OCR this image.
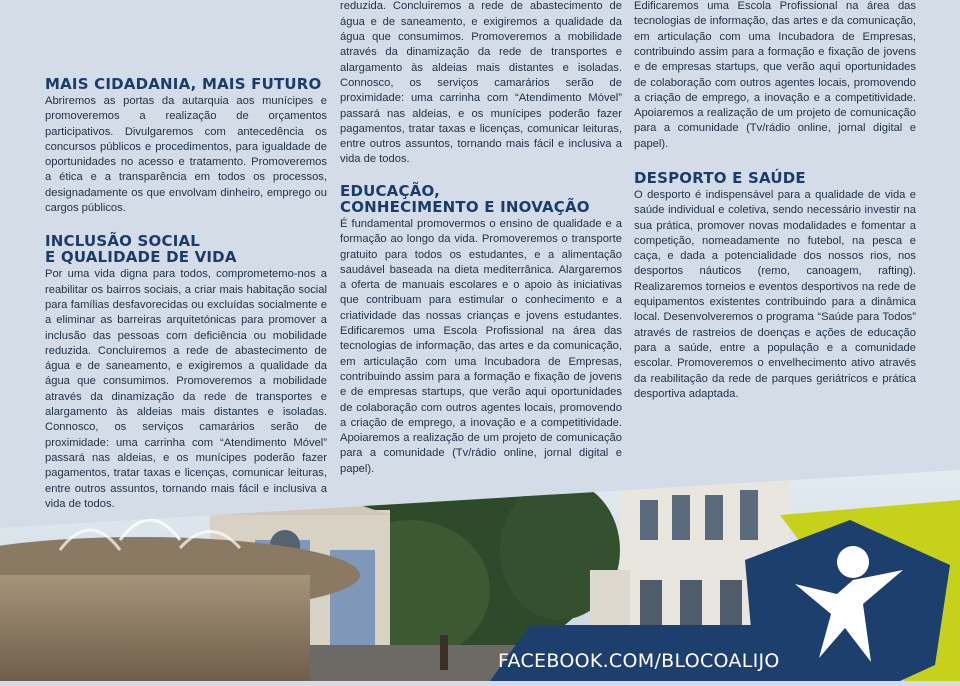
MAIS CIDADANIA, MAIS FUTURO

Abriremos as portas da autarquia aos munícipes e promoveremos a realização de orçamentos participativos. Divulgaremos com antecedência os concursos públicos e procedimentos, para igualdade de oportunidades no acesso e tratamento. Promoveremos a ética e a transparência em todos os processos, designadamente os que envolvam dinheiro, emprego ou cargos públicos.

INCLUSÃO SOCIAL
E QUALIDADE DE VIDA

Por uma vida digna para todos, comprometemo-nos a reabilitar os bairros sociais, a criar mais habitação social para famílias desfavorecidas ou excluídas socialmente e a eliminar as barreiras arquitetónicas para promover a inclusão das pessoas com deficiência ou mobilidade reduzida. Concluiremos a rede de abastecimento de água e de saneamento, e exigiremos a qualidade da água que consumimos. Promoveremos a mobilidade através da dinamização da rede de transportes e alargamento às aldeias mais distantes e isoladas. Connosco, os serviços camarários serão de proximidade: uma carrinha com “Atendimento Móvel” passará nas aldeias, e os munícipes poderão fazer pagamentos, tratar taxas e licenças, comunicar leituras, entre outros assuntos, tornando mais fácil e inclusiva a vida de todos.

reduzida. Concluiremos a rede de abastecimento de água e de saneamento, e exigiremos a qualidade da água que consumimos. Promoveremos a mobilidade através da dinamização da rede de transportes e alargamento às aldeias mais distantes e isoladas. Connosco, os serviços camarários serão de proximidade: uma carrinha com “Atendimento Móvel” passará nas aldeias, e os munícipes poderão fazer pagamentos, tratar taxas e licenças, comunicar leituras, entre outros assuntos, tornando mais fácil e inclusiva a vida de todos.

EDUCAÇÃO,
CONHECIMENTO E INOVAÇÃO

É fundamental promovermos o ensino de qualidade e a formação ao longo da vida. Promoveremos o transporte gratuito para todos os estudantes, e a alimentação saudável baseada na dieta mediterrânica. Alargaremos a oferta de manuais escolares e o apoio às iniciativas que contribuam para estimular o conhecimento e a criatividade das nossas crianças e jovens estudantes. Edificaremos uma Escola Profissional na área das tecnologias de informação, das artes e da comunicação, em articulação com uma Incubadora de Empresas, contribuindo assim para a formação e fixação de jovens e de empresas startups, que verão aqui oportunidades de colaboração com outros agentes locais, promovendo a criação de emprego, a inovação e a competitividade. Apoiaremos a realização de um projeto de comunicação para a comunidade (Tv/rádio online, jornal digital e papel).

Edificaremos uma Escola Profissional na área das tecnologias de informação, das artes e da comunicação, em articulação com uma Incubadora de Empresas, contribuindo assim para a formação e fixação de jovens e de empresas startups, que verão aqui oportunidades de colaboração com outros agentes locais, promovendo a criação de emprego, a inovação e a competitividade. Apoiaremos a realização de um projeto de comunicação para a comunidade (Tv/rádio online, jornal digital e papel).

DESPORTO E SAÚDE

O desporto é indispensável para a qualidade de vida e saúde individual e coletiva, sendo necessário investir na sua prática, promover novas modalidades e fomentar a competição, nomeadamente no futebol, na pesca e caça, e dada a potencialidade dos nossos rios, nos desportos náuticos (remo, canoagem, rafting). Realizaremos torneios e eventos desportivos na rede de equipamentos existentes contribuindo para a dinâmica local. Desenvolveremos o programa “Saúde para Todos” através de rastreios de doenças e ações de educação para a saúde, entre a população e a comunidade escolar. Promoveremos o envelhecimento ativo através da reabilitação da rede de parques geriátricos e prática desportiva adaptada.

FACEBOOK.COM/BLOCOALIJO
